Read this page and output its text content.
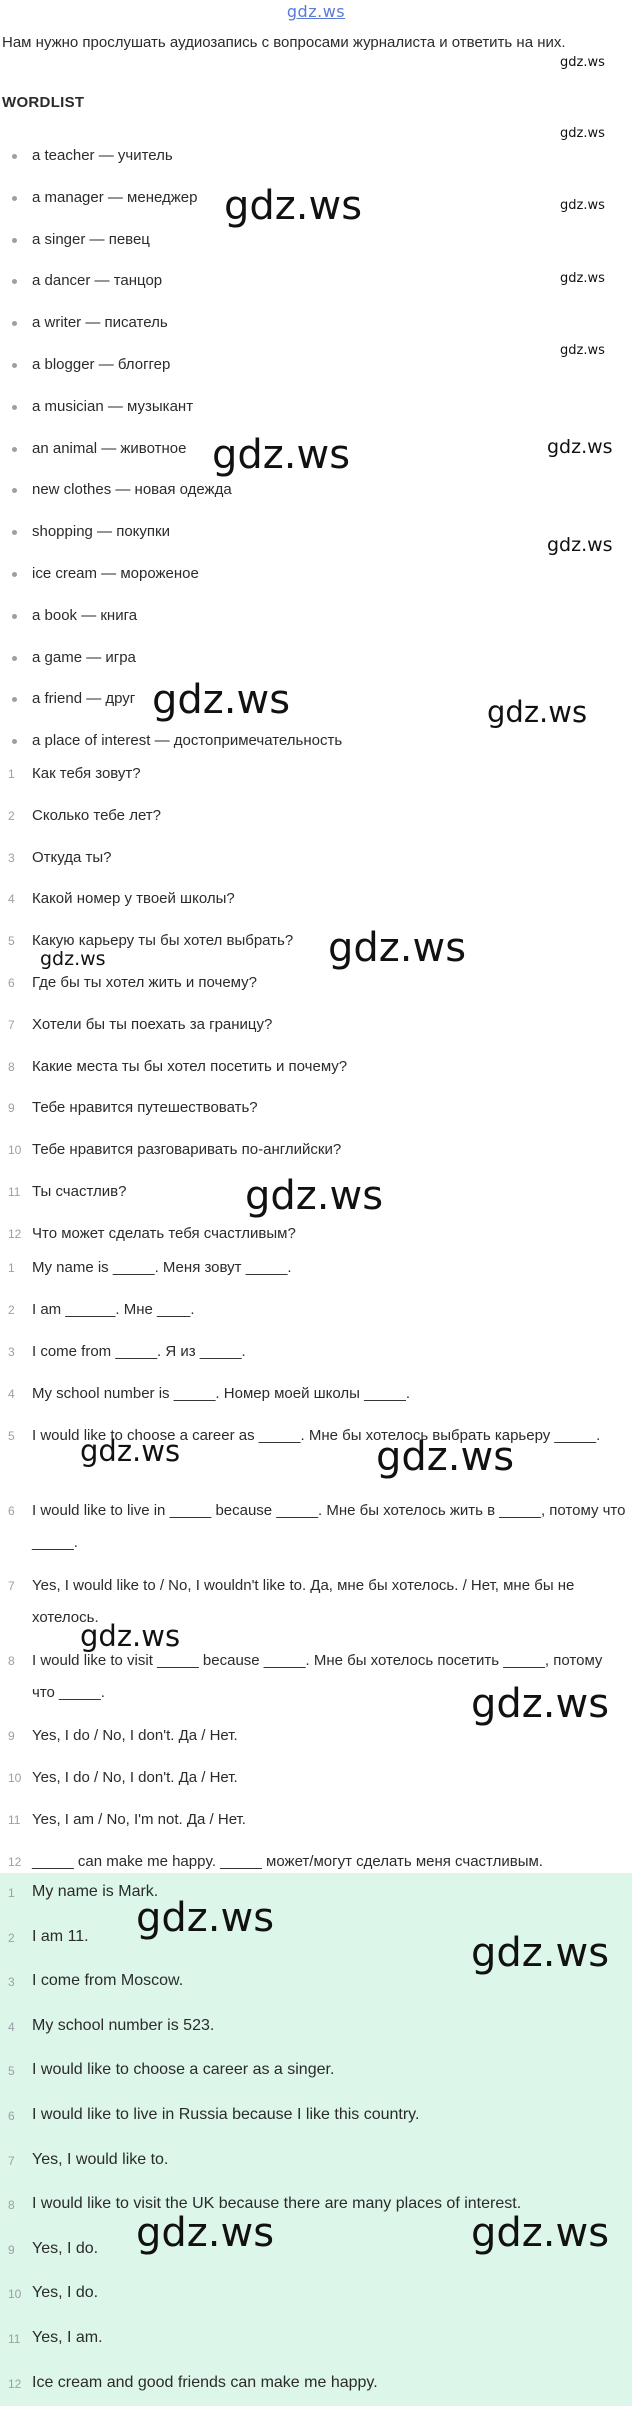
gdz.ws
Нам нужно прослушать аудиозапись с вопросами журналиста и ответить на них.
WORDLIST
a teacher — учитель
a manager — менеджер
a singer — певец
a dancer — танцор
a writer — писатель
a blogger — блоггер
a musician — музыкант
an animal — животное
new clothes — новая одежда
shopping — покупки
ice cream — мороженое
a book — книга
a game — игра
a friend — друг
a place of interest — достопримечательность
1	Как тебя зовут?
2	Сколько тебе лет?
3	Откуда ты?
4	Какой номер у твоей школы?
5	Какую карьеру ты бы хотел выбрать?
6	Где бы ты хотел жить и почему?
7	Хотели бы ты поехать за границу?
8	Какие места ты бы хотел посетить и почему?
9	Тебе нравится путешествовать?
10 Тебе нравится разговаривать по-английски?
11 Ты счастлив?
12 Что может сделать тебя счастливым?
1	My name is _____. Меня зовут _____.
2	I am ______. Мне ____.
3	I come from _____. Я из _____.
4	My school number is _____. Номер моей школы _____.
5	I would like to choose a career as _____. Мне бы хотелось выбрать карьеру _____.
6	I would like to live in _____ because _____. Мне бы хотелось жить в _____, потому что _____.
7	Yes, I would like to / No, I wouldn't like to. Да, мне бы хотелось. / Нет, мне бы не хотелось.
8	I would like to visit _____ because _____. Мне бы хотелось посетить _____, потому что _____.
9	Yes, I do / No, I don't. Да / Нет.
10 Yes, I do / No, I don't. Да / Нет.
11 Yes, I am / No, I'm not. Да / Нет.
12 _____ can make me happy. _____ может/могут сделать меня счастливым.
1	My name is Mark.
2	I am 11.
3	I come from Moscow.
4	My school number is 523.
5	I would like to choose a career as a singer.
6	I would like to live in Russia because I like this country.
7	Yes, I would like to.
8	I would like to visit the UK because there are many places of interest.
9	Yes, I do.
10 Yes, I do.
11 Yes, I am.
12 Ice cream and good friends can make me happy.
gdz.ws
gdz.ws
gdz.ws
gdz.ws
gdz.ws
gdz.ws
gdz.ws	gdz.ws
gdz.ws
gdz.ws	gdz.ws
gdz.ws
gdz.ws
gdz.ws
gdz.ws	gdz.ws
gdz.ws
gdz.ws
gdz.ws
gdz.ws
gdz.ws	gdz.ws
